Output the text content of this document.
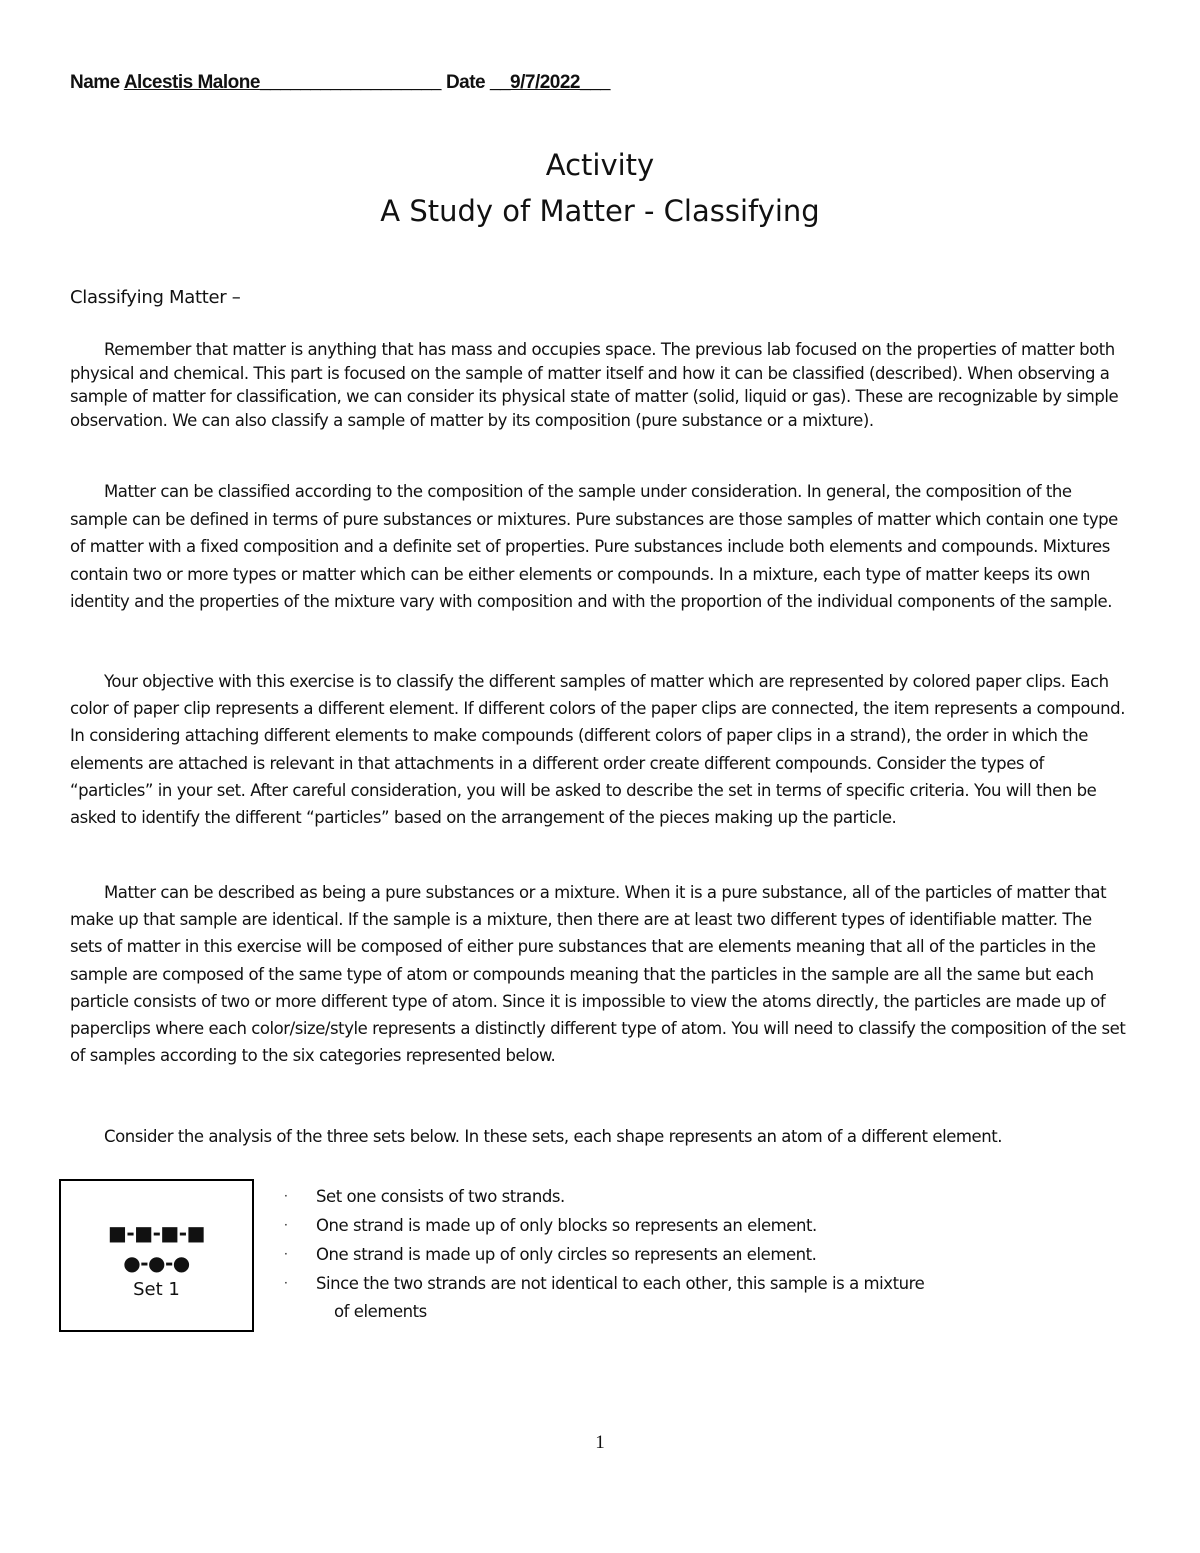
Name Alcestis Malone__________________ Date __9/7/2022___
Activity
A Study of Matter - Classifying
Classifying Matter –

Remember that matter is anything that has mass and occupies space. The previous lab focused on the properties of matter both physical and chemical. This part is focused on the sample of matter itself and how it can be classified (described). When observing a sample of matter for classification, we can consider its physical state of matter (solid, liquid or gas). These are recognizable by simple observation. We can also classify a sample of matter by its composition (pure substance or a mixture).

Matter can be classified according to the composition of the sample under consideration. In general, the composition of the sample can be defined in terms of pure substances or mixtures. Pure substances are those samples of matter which contain one type of matter with a fixed composition and a definite set of properties. Pure substances include both elements and compounds. Mixtures contain two or more types or matter which can be either elements or compounds. In a mixture, each type of matter keeps its own identity and the properties of the mixture vary with composition and with the proportion of the individual components of the sample.

Your objective with this exercise is to classify the different samples of matter which are represented by colored paper clips. Each color of paper clip represents a different element. If different colors of the paper clips are connected, the item represents a compound. In considering attaching different elements to make compounds (different colors of paper clips in a strand), the order in which the elements are attached is relevant in that attachments in a different order create different compounds. Consider the types of “particles” in your set. After careful consideration, you will be asked to describe the set in terms of specific criteria. You will then be asked to identify the different “particles” based on the arrangement of the pieces making up the particle.

Matter can be described as being a pure substances or a mixture. When it is a pure substance, all of the particles of matter that make up that sample are identical. If the sample is a mixture, then there are at least two different types of identifiable matter. The sets of matter in this exercise will be composed of either pure substances that are elements meaning that all of the particles in the sample are composed of the same type of atom or compounds meaning that the particles in the sample are all the same but each particle consists of two or more different type of atom. Since it is impossible to view the atoms directly, the particles are made up of paperclips where each color/size/style represents a distinctly different type of atom. You will need to classify the composition of the set of samples according to the six categories represented below.

Consider the analysis of the three sets below. In these sets, each shape represents an atom of a different element.

■-■-■-■
●-●-●
Set 1
· Set one consists of two strands.
· One strand is made up of only blocks so represents an element.
· One strand is made up of only circles so represents an element.
· Since the two strands are not identical to each other, this sample is a mixture
of elements
1
